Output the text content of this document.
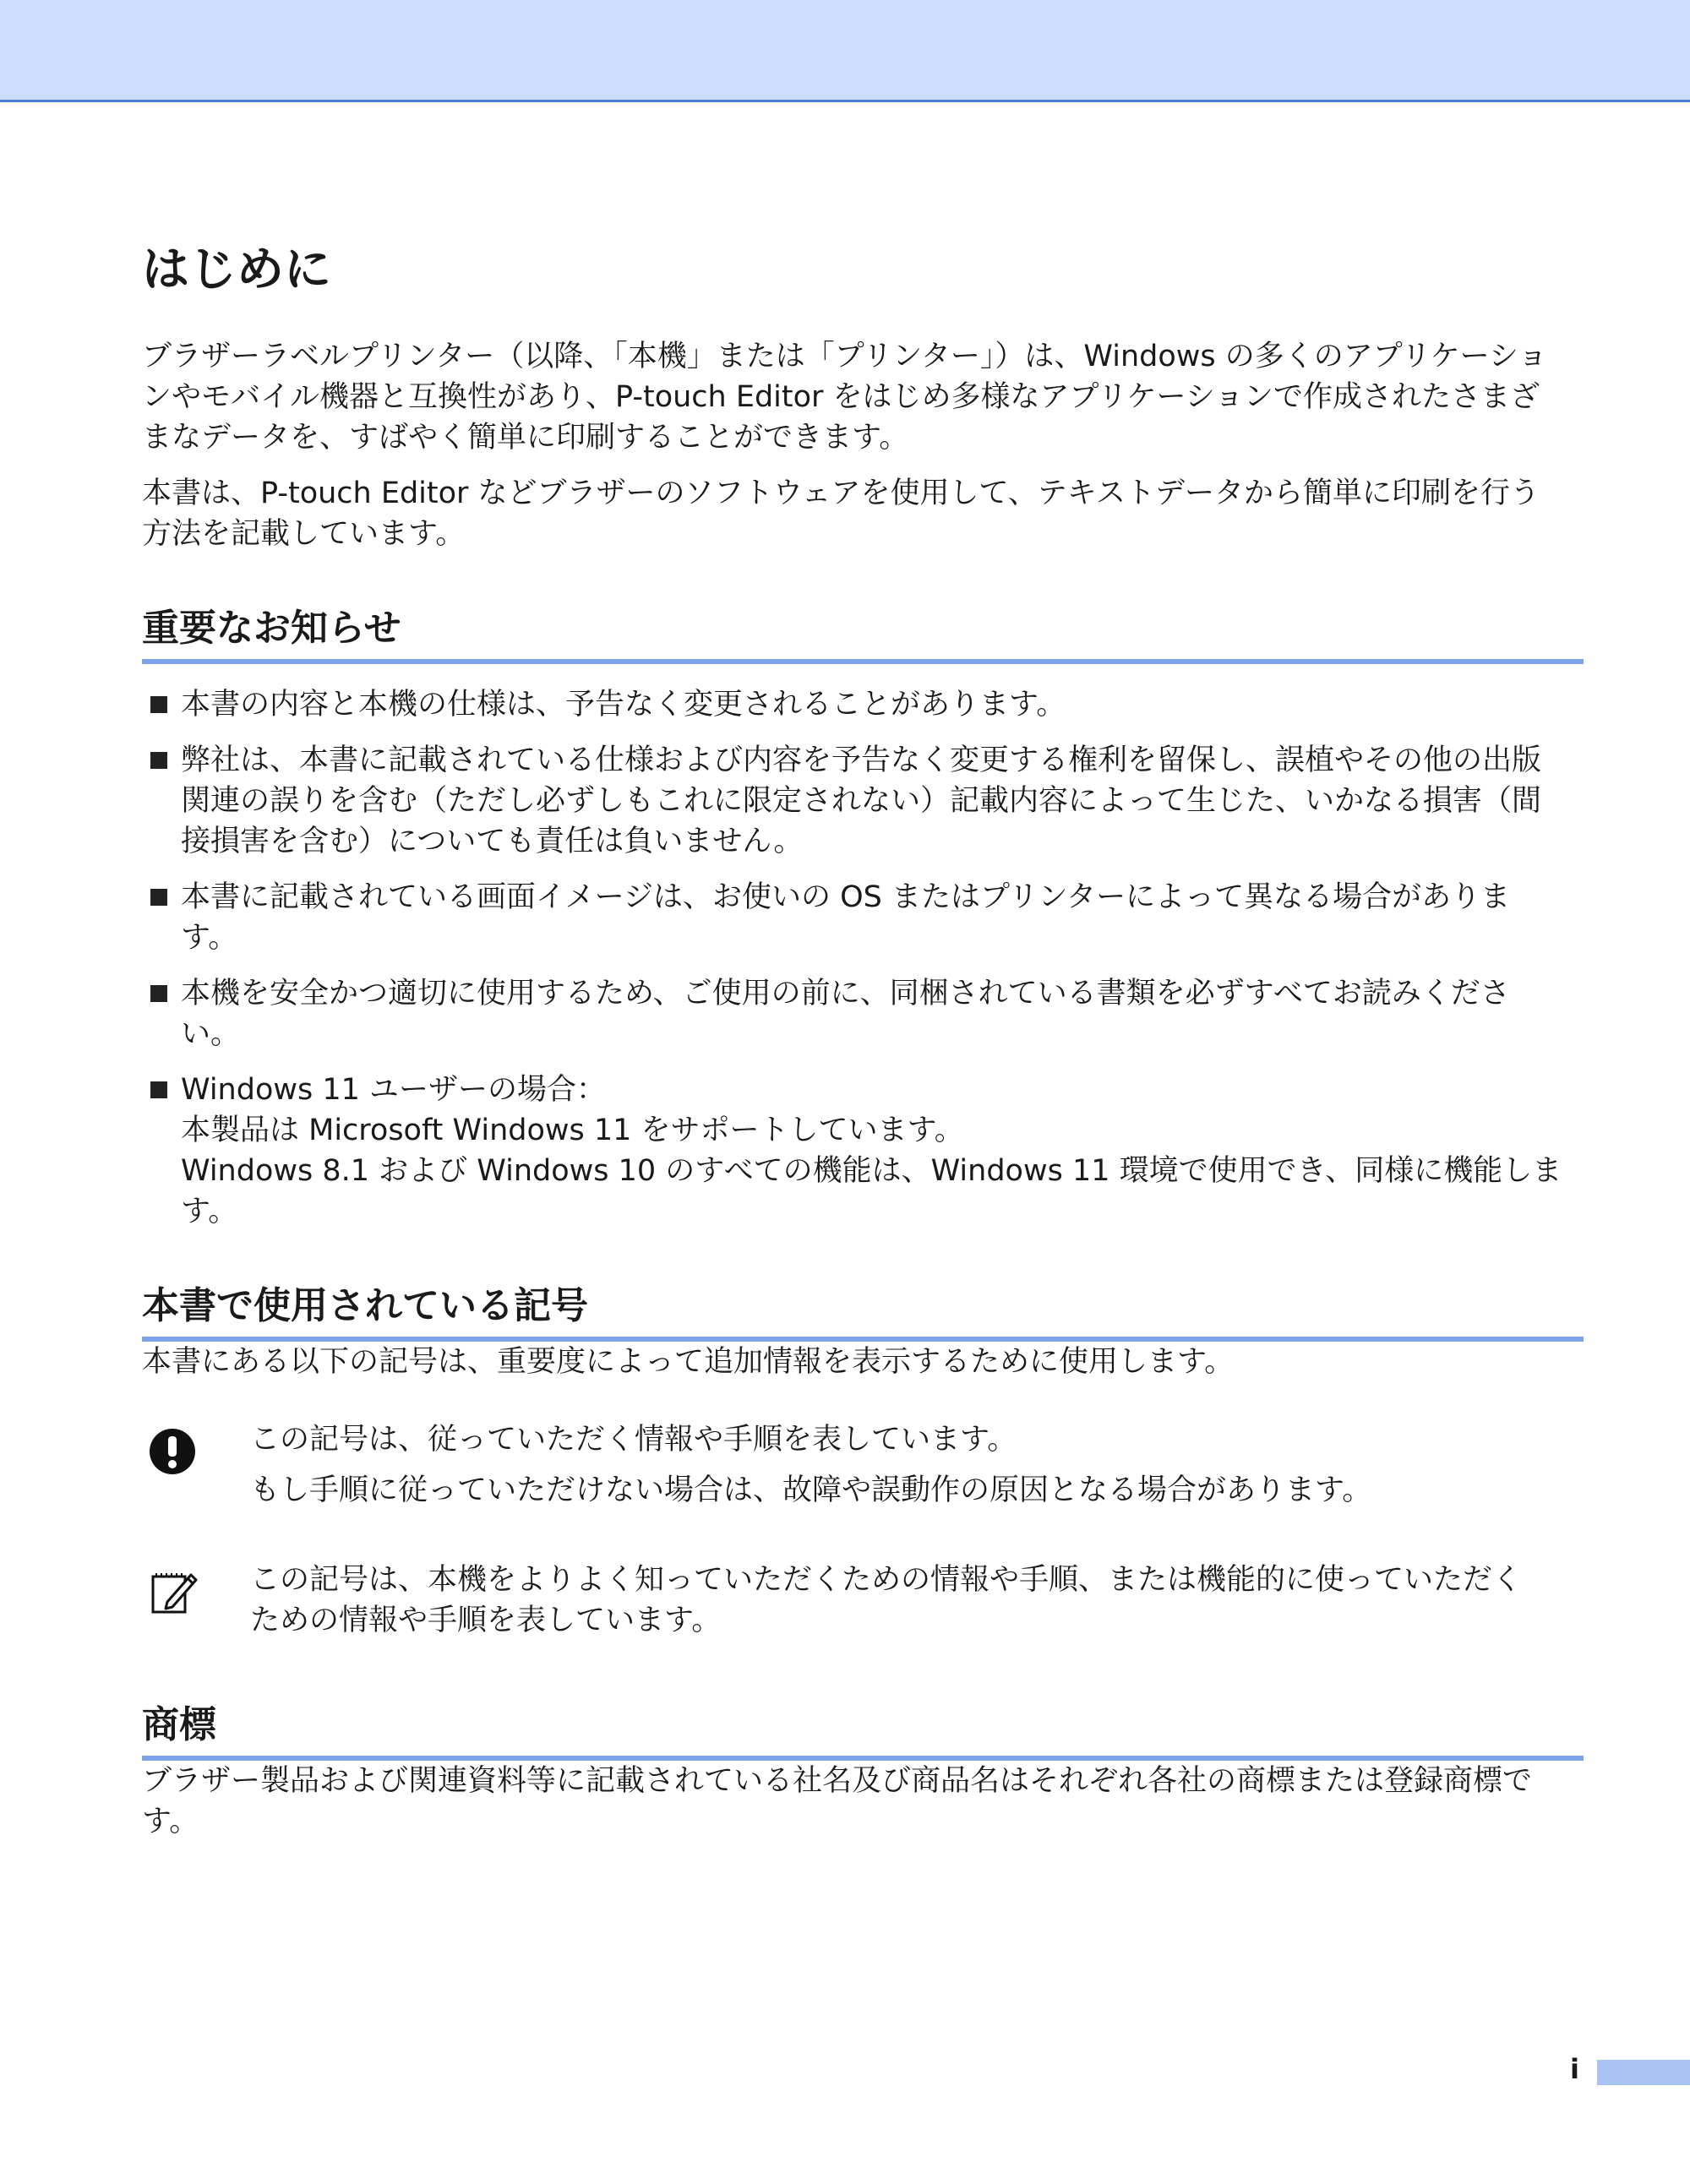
はじめに

ブラザーラベルプリンター（以降、「本機」または「プリンター」）は、Windows の多くのアプリケーショ
ンやモバイル機器と互換性があり、P-touch Editor をはじめ多様なアプリケーションで作成されたさまざ
まなデータを、すばやく簡単に印刷することができます。

本書は、P-touch Editor などブラザーのソフトウェアを使用して、テキストデータから簡単に印刷を行う
方法を記載しています。

重要なお知らせ
本書の内容と本機の仕様は、予告なく変更されることがあります。
弊社は、本書に記載されている仕様および内容を予告なく変更する権利を留保し、誤植やその他の出版
関連の誤りを含む（ただし必ずしもこれに限定されない）記載内容によって生じた、いかなる損害（間
接損害を含む）についても責任は負いません。
本書に記載されている画面イメージは、お使いの OS またはプリンターによって異なる場合がありま
す。
本機を安全かつ適切に使用するため、ご使用の前に、同梱されている書類を必ずすべてお読みくださ
い。
Windows 11 ユーザーの場合：
本製品は Microsoft Windows 11 をサポートしています。
Windows 8.1 および Windows 10 のすべての機能は、Windows 11 環境で使用でき、同様に機能します。
本書で使用されている記号

本書にある以下の記号は、重要度によって追加情報を表示するために使用します。

この記号は、従っていただく情報や手順を表しています。

もし手順に従っていただけない場合は、故障や誤動作の原因となる場合があります。

この記号は、本機をよりよく知っていただくための情報や手順、または機能的に使っていただく

ための情報や手順を表しています。

商標

ブラザー製品および関連資料等に記載されている社名及び商品名はそれぞれ各社の商標または登録商標で
す。

i
